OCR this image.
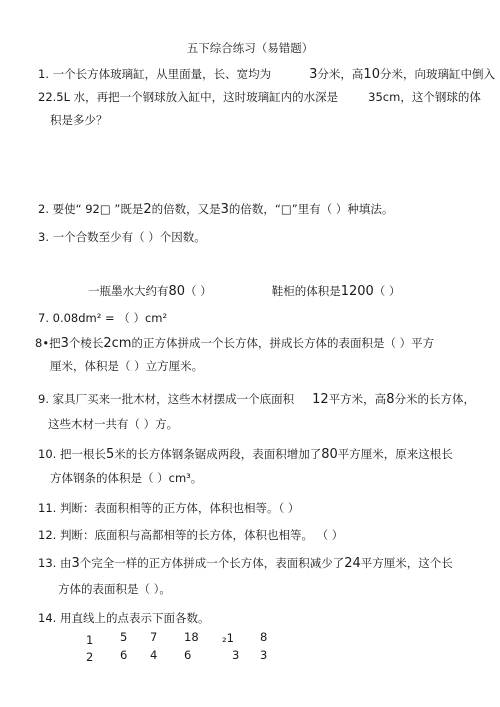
五下综合练习（易错题）
1. 一个长方体玻璃缸，从里面量，长、宽均为	3分米，高10分米，向玻璃缸中倒入
22.5L 水，再把一个钢球放入缸中，这时玻璃缸内的水深是	35cm，这个钢球的体
积是多少？
2. 要使“ 92□ ”既是2的倍数，又是3的倍数，“□”里有（ ）种填法。
3. 一个合数至少有（ ）个因数。
一瓶墨水大约有80（ ）	鞋柜的体积是1200（ ）
7. 0.08dm² = （ ）cm²
8•把3个棱长2cm的正方体拼成一个长方体，拼成长方体的表面积是（ ）平方
厘米，体积是（ ）立方厘米。
9. 家具厂买来一批木材，这些木材摆成一个底面积 12平方米，高8分米的长方体，
这些木材一共有（ ）方。
10. 把一根长5米的长方体钢条锯成两段，表面积增加了80平方厘米，原来这根长
方体钢条的体积是（ ）cm³。
11. 判断：表面积相等的正方体，体积也相等。（ ）
12. 判断：底面积与高都相等的长方体，体积也相等。 （ ）
13. 由3个完全一样的正方体拼成一个长方体，表面积减少了24平方厘米，这个长
方体的表面积是（ ）。
14. 用直线上的点表示下面各数。
1 5 7 18 ₂1 8
2 6 4 6	3 3
